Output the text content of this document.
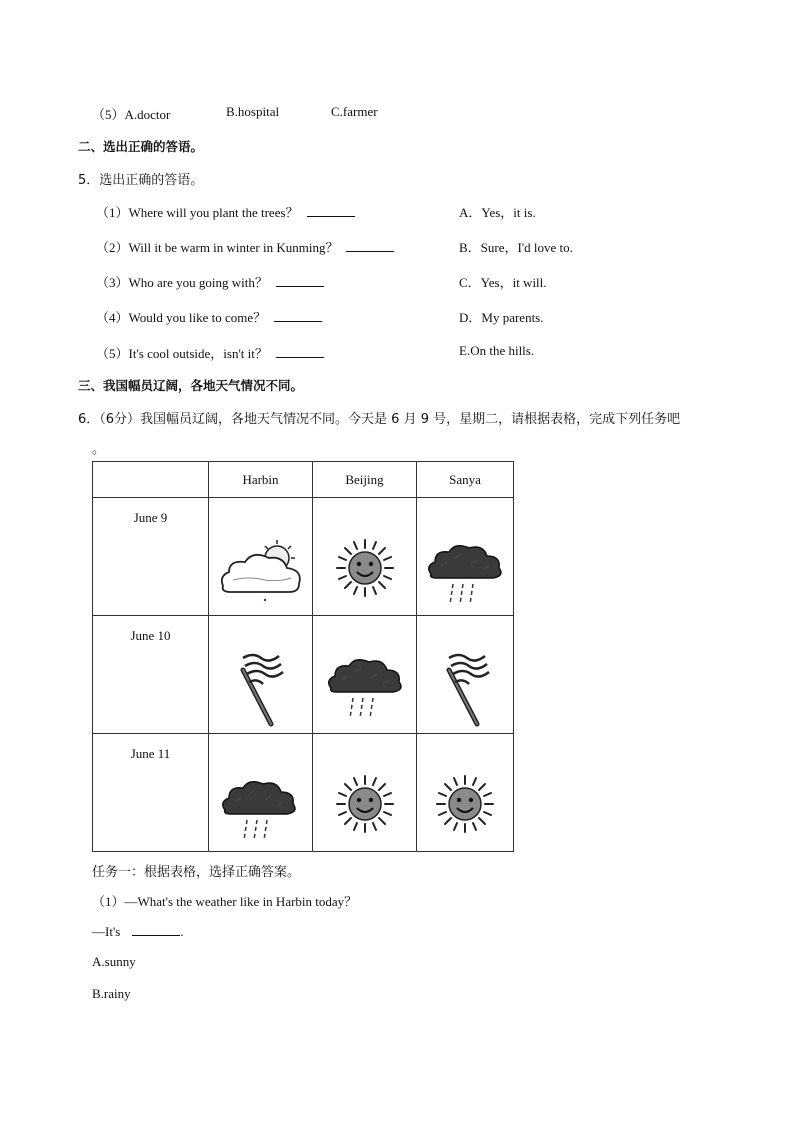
（5）A.doctor	B.hospital	C.farmer
二、选出正确的答语。
5．选出正确的答语。
（1）Where will you plant the trees？
（2）Will it be warm in winter in Kunming？
（3）Who are you going with？
（4）Would you like to come？
（5）It's cool outside，isn't it？
A．Yes，it is.
B．Sure，I'd love to.
C．Yes，it will.
D．My parents.
E.On the hills.
三、我国幅员辽阔，各地天气情况不同。
6．（6分）我国幅员辽阔，各地天气情况不同。今天是 6 月 9 号，星期二，请根据表格，完成下列任务吧
。
	Harbin	Beijing	Sanya
June 9	

June 10	

June 11	

任务一：根据表格，选择正确答案。
（1）—What's the weather like in Harbin today？
—It's	.
A.sunny
B.rainy
